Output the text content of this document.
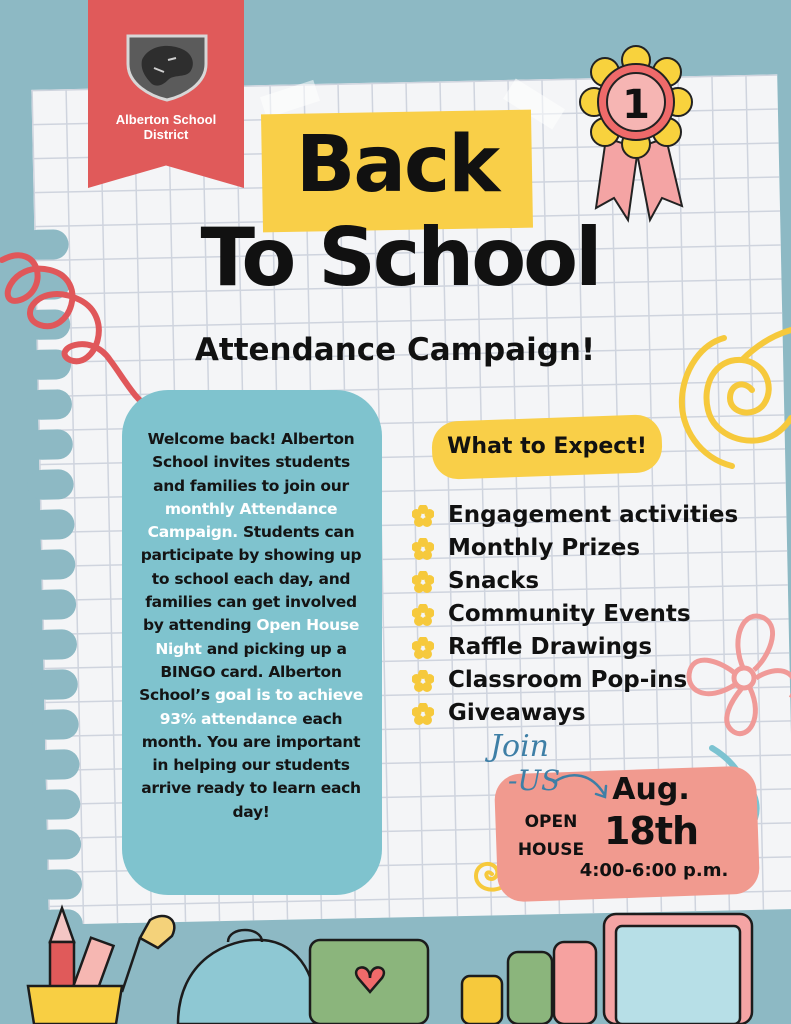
1
Alberton School District	Back
To School
Attendance Campaign!
Welcome back! Alberton School invites students and families to join our monthly Attendance Campaign. Students can participate by showing up to school each day, and families can get involved by attending Open House Night and picking up a BINGO card. Alberton School’s goal is to achieve 93% attendance each month. You are important in helping our students arrive ready to learn each day!
What to Expect!
Engagement activities
Monthly Prizes
Snacks
Community Events
Raffle Drawings
Classroom Pop-ins
Giveaways
Join
-US
OPEN
HOUSE
Aug.
18th
4:00-6:00 p.m.
